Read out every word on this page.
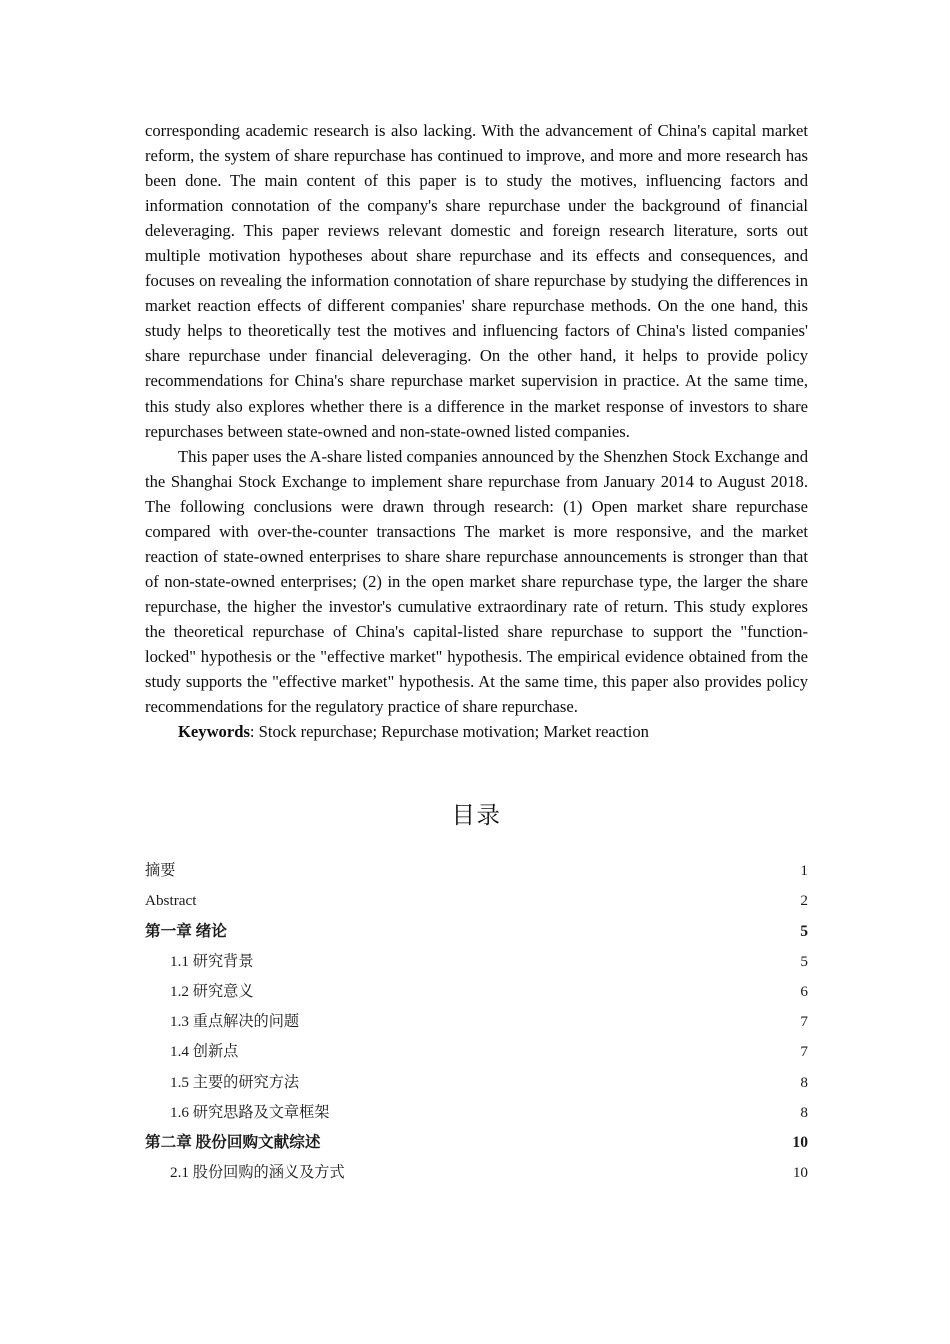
corresponding academic research is also lacking. With the advancement of China's capital market reform, the system of share repurchase has continued to improve, and more and more research has been done. The main content of this paper is to study the motives, influencing factors and information connotation of the company's share repurchase under the background of financial deleveraging. This paper reviews relevant domestic and foreign research literature, sorts out multiple motivation hypotheses about share repurchase and its effects and consequences, and focuses on revealing the information connotation of share repurchase by studying the differences in market reaction effects of different companies' share repurchase methods. On the one hand, this study helps to theoretically test the motives and influencing factors of China's listed companies' share repurchase under financial deleveraging. On the other hand, it helps to provide policy recommendations for China's share repurchase market supervision in practice. At the same time, this study also explores whether there is a difference in the market response of investors to share repurchases between state-owned and non-state-owned listed companies.

This paper uses the A-share listed companies announced by the Shenzhen Stock Exchange and the Shanghai Stock Exchange to implement share repurchase from January 2014 to August 2018. The following conclusions were drawn through research: (1) Open market share repurchase compared with over-the-counter transactions The market is more responsive, and the market reaction of state-owned enterprises to share share repurchase announcements is stronger than that of non-state-owned enterprises; (2) in the open market share repurchase type, the larger the share repurchase, the higher the investor's cumulative extraordinary rate of return. This study explores the theoretical repurchase of China's capital-listed share repurchase to support the "function-locked" hypothesis or the "effective market" hypothesis. The empirical evidence obtained from the study supports the "effective market" hypothesis. At the same time, this paper also provides policy recommendations for the regulatory practice of share repurchase.

Keywords: Stock repurchase; Repurchase motivation; Market reaction

目录
摘要 .....	1
Abstract .....	2
第一章 绪论 .....	5
1.1 研究背景 .....	5
1.2 研究意义 .....	6
1.3 重点解决的问题 .....	7
1.4 创新点 .....	7
1.5 主要的研究方法 .....	8
1.6 研究思路及文章框架 .....	8
第二章 股份回购文献综述 .....	10
2.1 股份回购的涵义及方式 .....	10
